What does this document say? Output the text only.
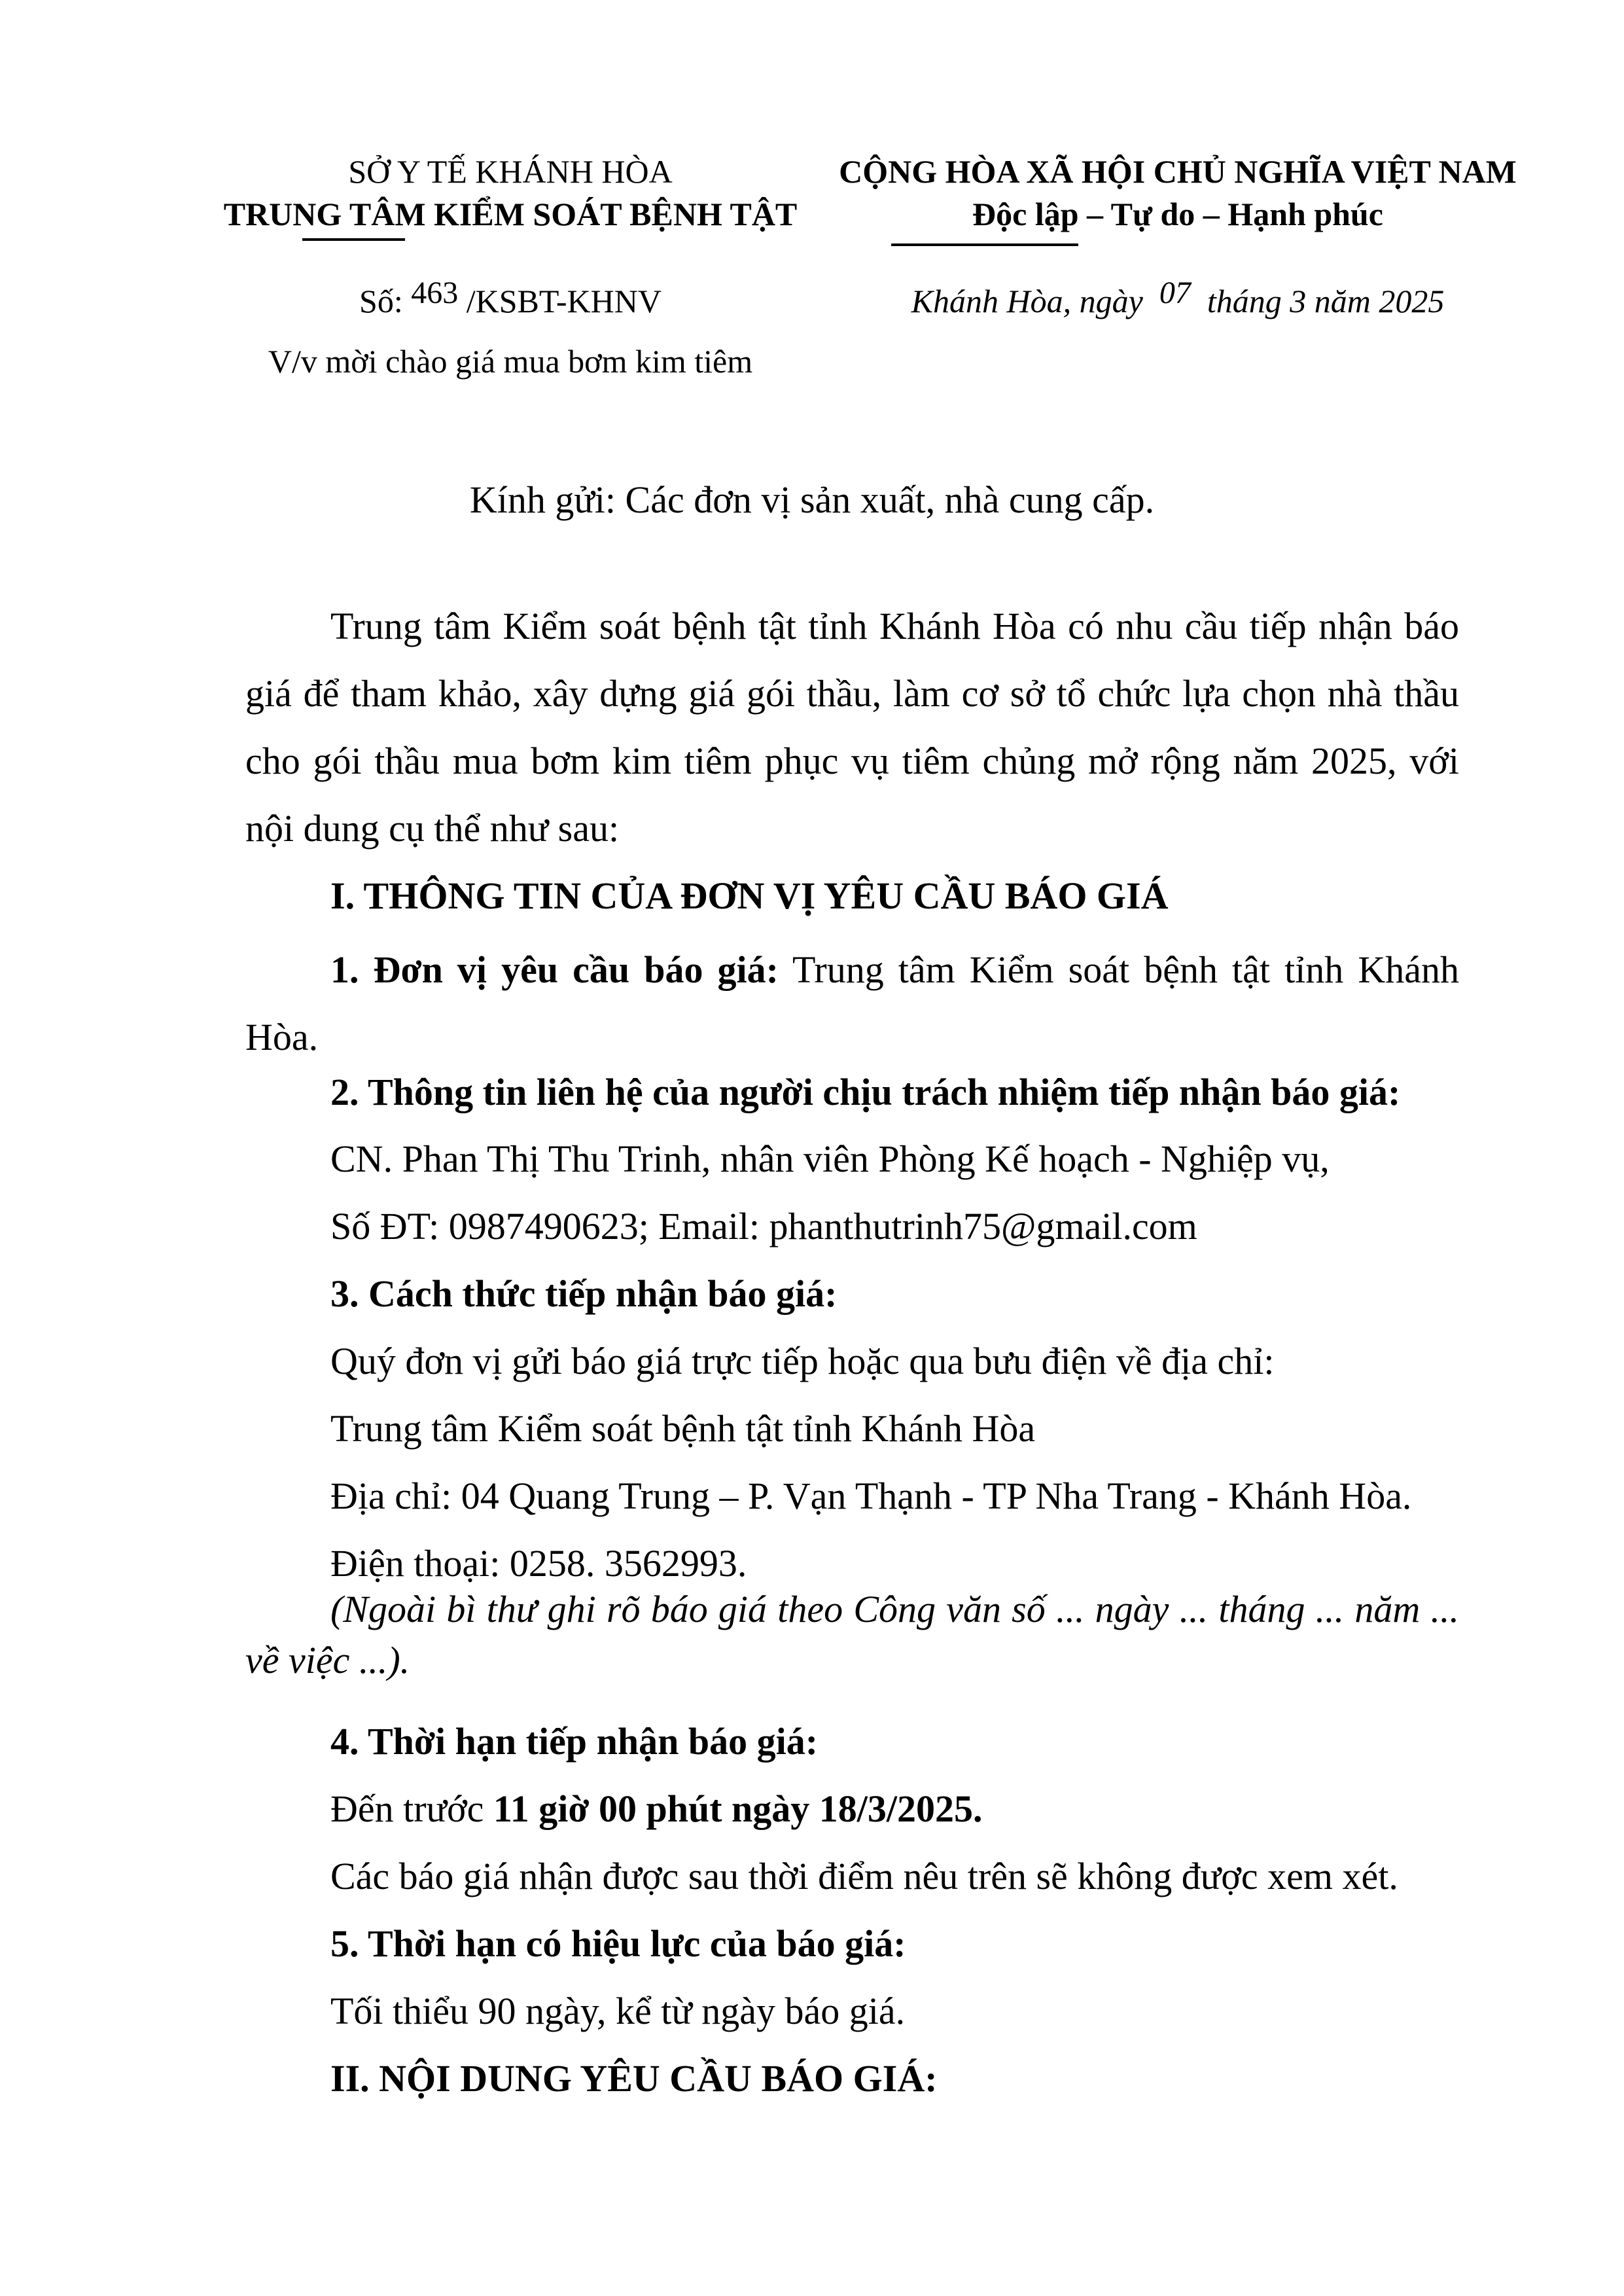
SỞ Y TẾ KHÁNH HÒA
TRUNG TÂM KIỂM SOÁT BỆNH TẬT
CỘNG HÒA XÃ HỘI CHỦ NGHĨA VIỆT NAM
Độc lập – Tự do – Hạnh phúc
Số: 463 /KSBT-KHNV
V/v mời chào giá mua bơm kim tiêm
Khánh Hòa, ngày 07 tháng 3 năm 2025
Kính gửi: Các đơn vị sản xuất, nhà cung cấp.
Trung tâm Kiểm soát bệnh tật tỉnh Khánh Hòa có nhu cầu tiếp nhận báo giá để tham khảo, xây dựng giá gói thầu, làm cơ sở tổ chức lựa chọn nhà thầu cho gói thầu mua bơm kim tiêm phục vụ tiêm chủng mở rộng năm 2025, với nội dung cụ thể như sau:
I. THÔNG TIN CỦA ĐƠN VỊ YÊU CẦU BÁO GIÁ
1. Đơn vị yêu cầu báo giá: Trung tâm Kiểm soát bệnh tật tỉnh Khánh Hòa.
2. Thông tin liên hệ của người chịu trách nhiệm tiếp nhận báo giá:
CN. Phan Thị Thu Trinh, nhân viên Phòng Kế hoạch - Nghiệp vụ,
Số ĐT: 0987490623; Email: phanthutrinh75@gmail.com
3. Cách thức tiếp nhận báo giá:
Quý đơn vị gửi báo giá trực tiếp hoặc qua bưu điện về địa chỉ:
Trung tâm Kiểm soát bệnh tật tỉnh Khánh Hòa
Địa chỉ: 04 Quang Trung – P. Vạn Thạnh - TP Nha Trang - Khánh Hòa.
Điện thoại: 0258. 3562993.
(Ngoài bì thư ghi rõ báo giá theo Công văn số ... ngày ... tháng ... năm ... về việc ...).
4. Thời hạn tiếp nhận báo giá:
Đến trước 11 giờ 00 phút ngày 18/3/2025.
Các báo giá nhận được sau thời điểm nêu trên sẽ không được xem xét.
5. Thời hạn có hiệu lực của báo giá:
Tối thiểu 90 ngày, kể từ ngày báo giá.
II. NỘI DUNG YÊU CẦU BÁO GIÁ:
